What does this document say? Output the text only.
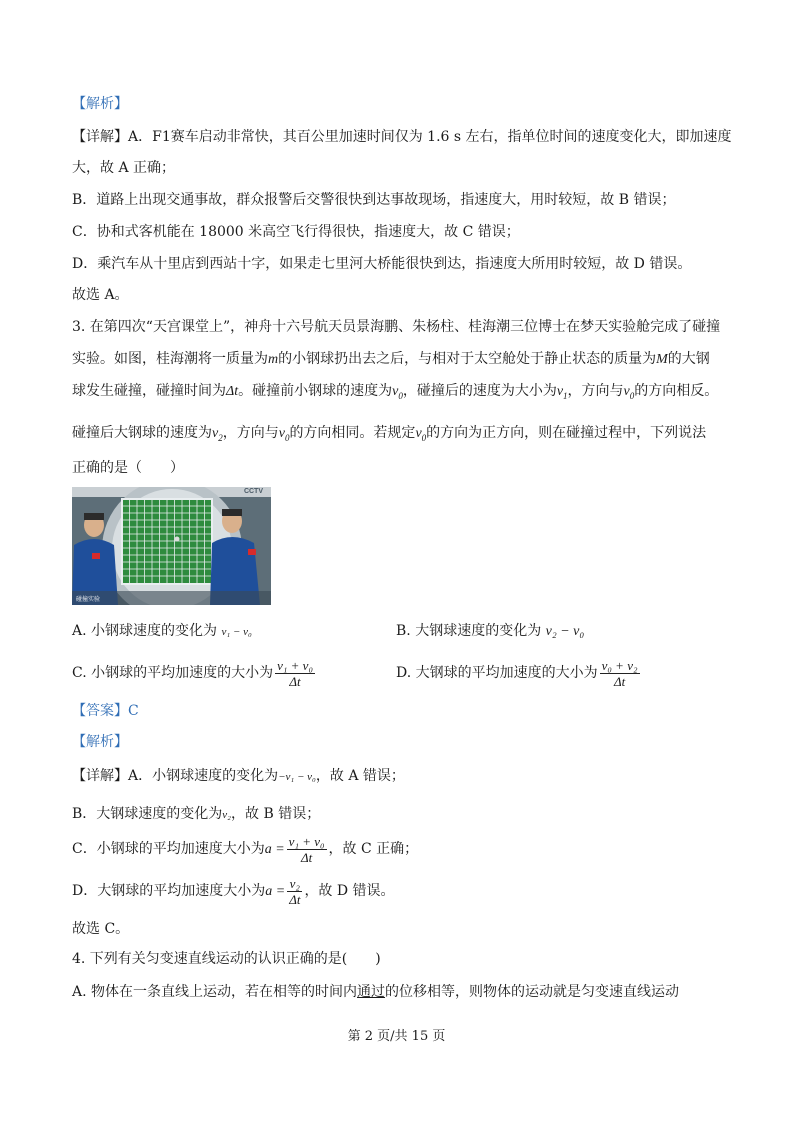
【解析】
【详解】A．F1赛车启动非常快，其百公里加速时间仅为 1.6 s 左右，指单位时间的速度变化大，即加速度
大，故 A 正确；
B．道路上出现交通事故，群众报警后交警很快到达事故现场，指速度大，用时较短，故 B 错误；
C．协和式客机能在 18000 米高空飞行得很快，指速度大，故 C 错误；
D．乘汽车从十里店到西站十字，如果走七里河大桥能很快到达，指速度大所用时较短，故 D 错误。
故选 A。
3. 在第四次“天宫课堂上”，神舟十六号航天员景海鹏、朱杨柱、桂海潮三位博士在梦天实验舱完成了碰撞
实验。如图，桂海潮将一质量为m的小钢球扔出去之后，与相对于太空舱处于静止状态的质量为M的大钢
球发生碰撞，碰撞时间为Δt。碰撞前小钢球的速度为$v_0$，碰撞后的速度为大小为$v_1$，方向与$v_0$的方向相反。
碰撞后大钢球的速度为$v_2$，方向与$v_0$的方向相同。若规定$v_0$的方向为正方向，则在碰撞过程中，下列说法
正确的是（　　）
CCTV
碰撞实验
A. 小钢球速度的变化为 v₁ − v₀	B. 大钢球速度的变化为 v₂ − v₀
C. 小钢球的平均加速度的大小为 $\frac{\text{v₁ + v₀}}{\Delta t}$	D. 大钢球的平均加速度的大小为 $\frac{\text{v₀ + v₂}}{\Delta t}$
【答案】C
【解析】
【详解】A．小钢球速度的变化为−v₁ − v₀，故 A 错误；
B．大钢球速度的变化为v₂，故 B 错误；
C．小钢球的平均加速度大小为$a = \frac{\text{v₁ + v₀}}{\Delta t}$ ，故 C 正确；
D．大钢球的平均加速度大小为$a = \frac{\text{v₂}}{\Delta t}$ ，故 D 错误。
故选 C。
4. 下列有关匀变速直线运动的认识正确的是(　　)
A. 物体在一条直线上运动，若在相等的时间内通过的位移相等，则物体的运动就是匀变速直线运动
第 2 页/共 15 页
